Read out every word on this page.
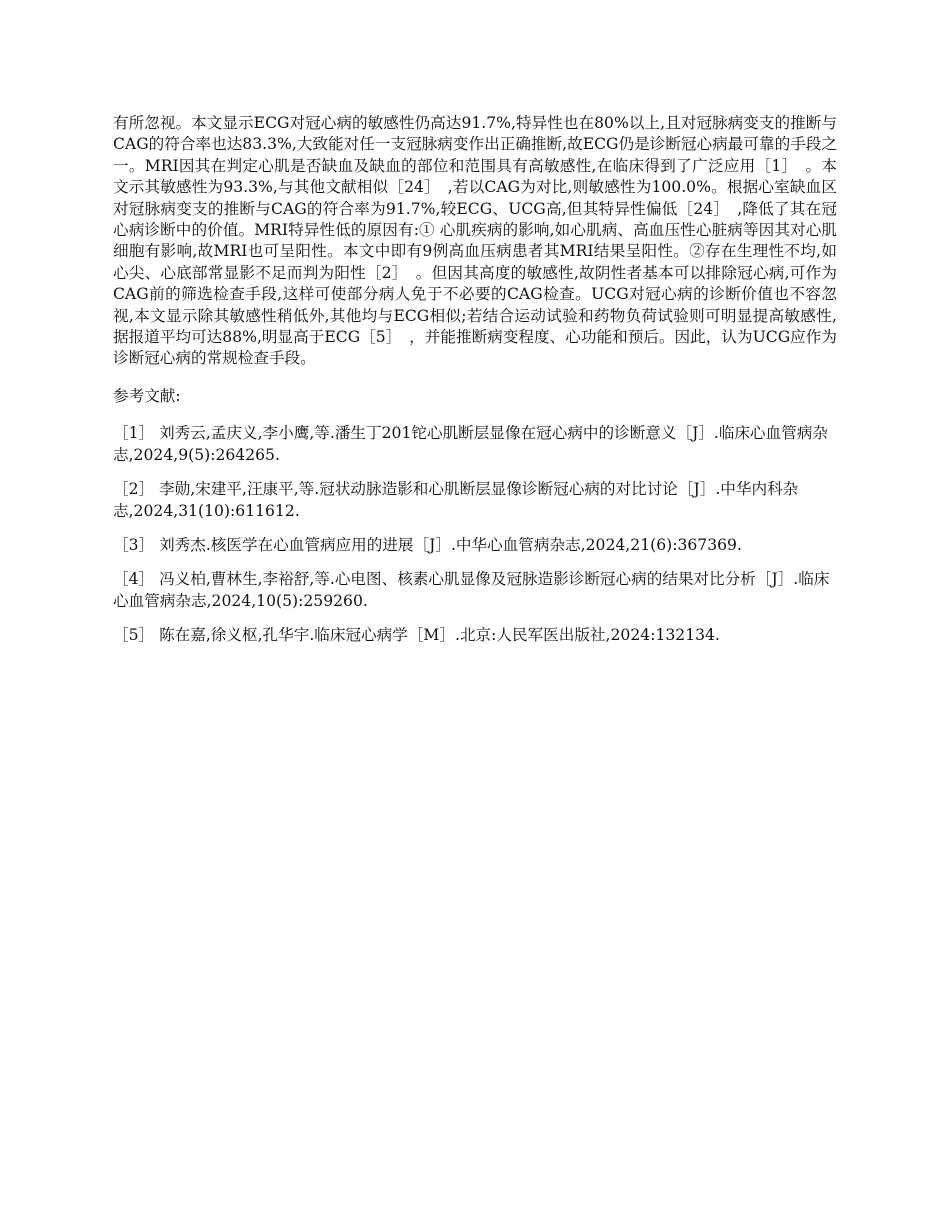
有所忽视。本文显示ECG对冠心病的敏感性仍高达91.7%,特异性也在80%以上,且对冠脉病变支的推断与CAG的符合率也达83.3%,大致能对任一支冠脉病变作出正确推断,故ECG仍是诊断冠心病最可靠的手段之一。MRI因其在判定心肌是否缺血及缺血的部位和范围具有高敏感性,在临床得到了广泛应用［1］　。本文示其敏感性为93.3%,与其他文献相似［24］　,若以CAG为对比,则敏感性为100.0%。根据心室缺血区对冠脉病变支的推断与CAG的符合率为91.7%,较ECG、UCG高,但其特异性偏低［24］　,降低了其在冠心病诊断中的价值。MRI特异性低的原因有:① 心肌疾病的影响,如心肌病、高血压性心脏病等因其对心肌细胞有影响,故MRI也可呈阳性。本文中即有9例高血压病患者其MRI结果呈阳性。②存在生理性不均,如心尖、心底部常显影不足而判为阳性［2］　。但因其高度的敏感性,故阴性者基本可以排除冠心病,可作为CAG前的筛选检查手段,这样可使部分病人免于不必要的CAG检查。UCG对冠心病的诊断价值也不容忽视,本文显示除其敏感性稍低外,其他均与ECG相似;若结合运动试验和药物负荷试验则可明显提高敏感性,据报道平均可达88%,明显高于ECG［5］　，并能推断病变程度、心功能和预后。因此，认为UCG应作为诊断冠心病的常规检查手段。

参考文献:
［1］ 刘秀云,孟庆义,李小鹰,等.潘生丁201铊心肌断层显像在冠心病中的诊断意义［J］.临床心血管病杂志,2024,9(5):264265.
［2］ 李勋,宋建平,汪康平,等.冠状动脉造影和心肌断层显像诊断冠心病的对比讨论［J］.中华内科杂志,2024,31(10):611612.
［3］ 刘秀杰.核医学在心血管病应用的进展［J］.中华心血管病杂志,2024,21(6):367369.
［4］ 冯义柏,曹林生,李裕舒,等.心电图、核素心肌显像及冠脉造影诊断冠心病的结果对比分析［J］.临床心血管病杂志,2024,10(5):259260.
［5］ 陈在嘉,徐义枢,孔华宇.临床冠心病学［M］.北京:人民军医出版社,2024:132134.
